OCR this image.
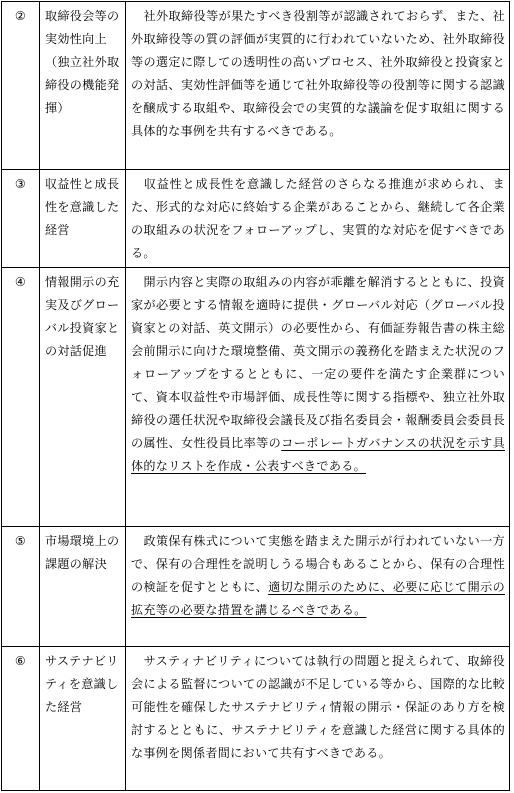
②	取締役会等の実効性向上（独立社外取締役の機能発揮）	　社外取締役等が果たすべき役割等が認識されておらず、また、社外取締役等の質の評価が実質的に行われていないため、社外取締役等の選定に際しての透明性の高いプロセス、社外取締役と投資家との対話、実効性評価等を通じて社外取締役等の役割等に関する認識を醸成する取組や、取締役会での実質的な議論を促す取組に関する具体的な事例を共有するべきである。
③	収益性と成長性を意識した経営	　収益性と成長性を意識した経営のさらなる推進が求められ、また、形式的な対応に終始する企業があることから、継続して各企業の取組みの状況をフォローアップし、実質的な対応を促すべきである。
④	情報開示の充実及びグローバル投資家との対話促進	　開示内容と実際の取組みの内容が乖離を解消するとともに、投資家が必要とする情報を適時に提供・グローバル対応（グローバル投資家との対話、英文開示）の必要性から、有価証券報告書の株主総会前開示に向けた環境整備、英文開示の義務化を踏まえた状況のフォローアップをするとともに、一定の要件を満たす企業群について、資本収益性や市場評価、成長性等に関する指標や、独立社外取締役の選任状況や取締役会議長及び指名委員会・報酬委員会委員長の属性、女性役員比率等のコーポレートガバナンスの状況を示す具体的なリストを作成・公表すべきである。
⑤	市場環境上の課題の解決	　政策保有株式について実態を踏まえた開示が行われていない一方で、保有の合理性を説明しうる場合もあることから、保有の合理性の検証を促すとともに、適切な開示のために、必要に応じて開示の拡充等の必要な措置を講じるべきである。
⑥	サステナビリティを意識した経営	　サスティナビリティについては執行の問題と捉えられて、取締役会による監督についての認識が不足している等から、国際的な比較可能性を確保したサステナビリティ情報の開示・保証のあり方を検討するとともに、サステナビリティを意識した経営に関する具体的な事例を関係者間において共有すべきである。
